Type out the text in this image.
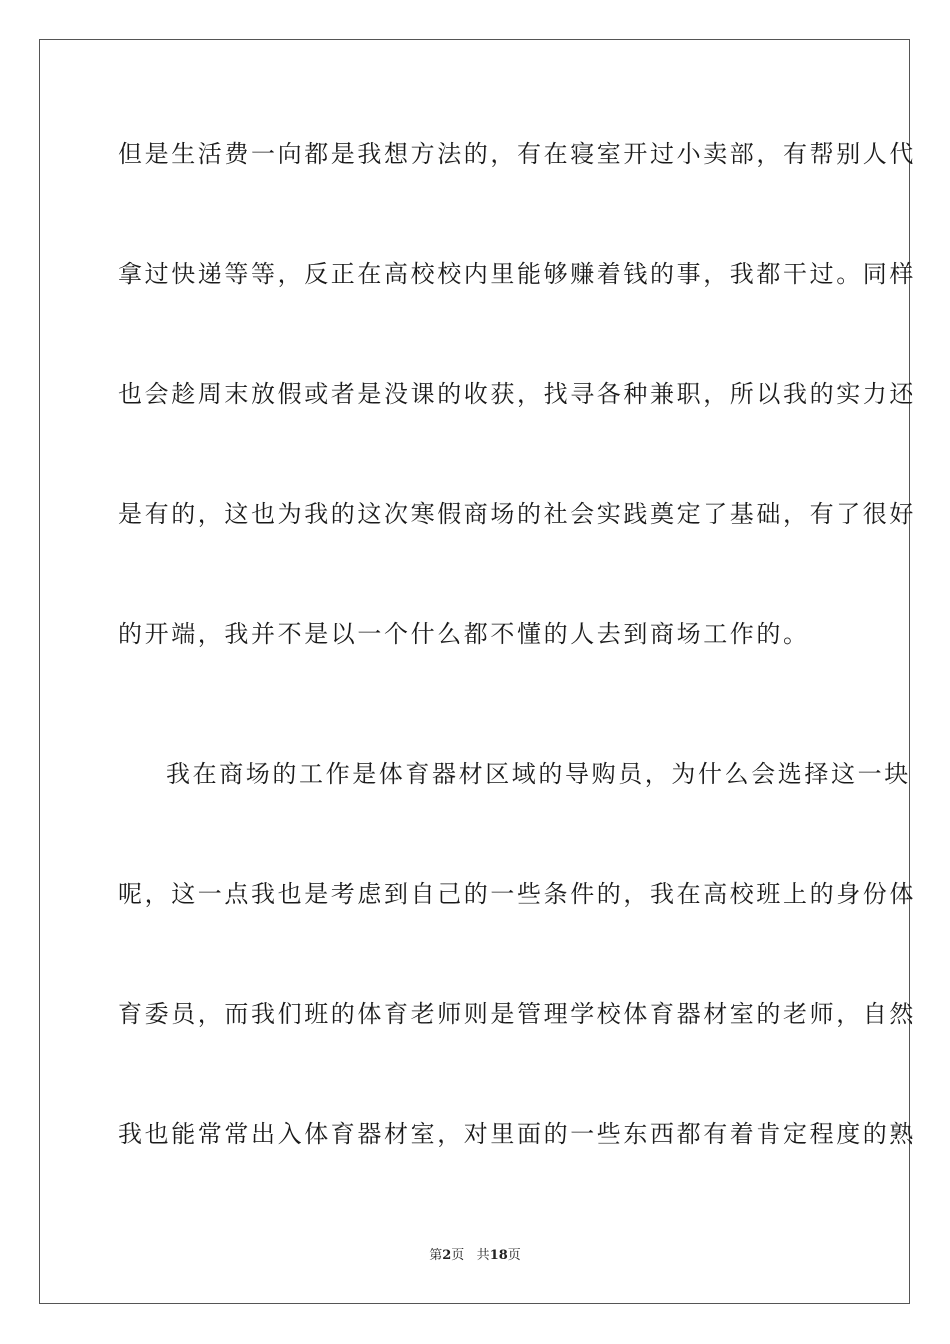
但是生活费一向都是我想方法的，有在寝室开过小卖部，有帮别人代
拿过快递等等，反正在高校校内里能够赚着钱的事，我都干过。同样
也会趁周末放假或者是没课的收获，找寻各种兼职，所以我的实力还
是有的，这也为我的这次寒假商场的社会实践奠定了基础，有了很好
的开端，我并不是以一个什么都不懂的人去到商场工作的。
我在商场的工作是体育器材区域的导购员，为什么会选择这一块
呢，这一点我也是考虑到自己的一些条件的，我在高校班上的身份体
育委员，而我们班的体育老师则是管理学校体育器材室的老师，自然
我也能常常出入体育器材室，对里面的一些东西都有着肯定程度的熟
第2页 共18页
